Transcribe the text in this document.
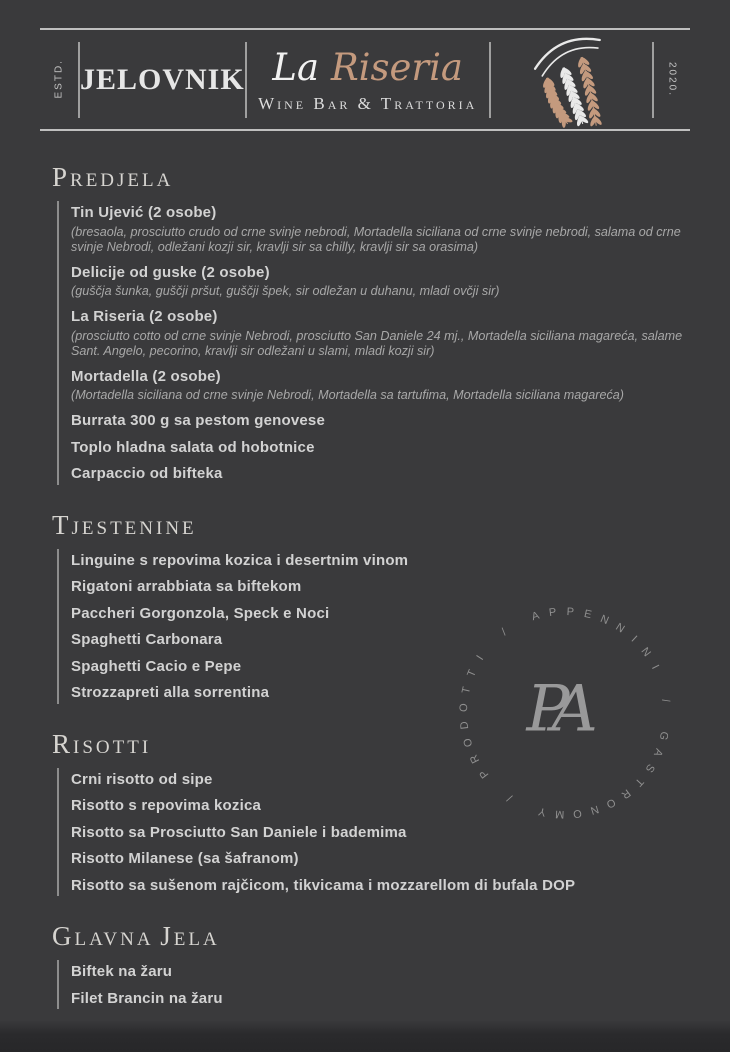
ESTD. JELOVNIK La Riseria
Wine Bar & Trattoria
2020.
PREDJELA
Tin Ujević (2 osobe)
(bresaola, prosciutto crudo od crne svinje nebrodi, Mortadella siciliana od crne svinje nebrodi, salama od crne svinje Nebrodi, odležani kozji sir, kravlji sir sa chilly, kravlji sir sa orasima)
Delicije od guske (2 osobe)
(guščja šunka, guščji pršut, guščji špek, sir odležan u duhanu, mladi ovčji sir)
La Riseria (2 osobe)
(prosciutto cotto od crne svinje Nebrodi, prosciutto San Daniele 24 mj., Mortadella siciliana magareća, salame Sant. Angelo, pecorino, kravlji sir odležani u slami, mladi kozji sir)
Mortadella (2 osobe)
(Mortadella siciliana od crne svinje Nebrodi, Mortadella sa tartufima, Mortadella siciliana magareća)
Burrata 300 g sa pestom genovese
Toplo hladna salata od hobotnice
Carpaccio od bifteka
TJESTENINE
Linguine s repovima kozica i desertnim vinom
Rigatoni arrabbiata sa biftekom
Paccheri Gorgonzola, Speck e Noci
Spaghetti Carbonara
Spaghetti Cacio e Pepe
Strozzapreti alla sorrentina
RISOTTI
Crni risotto od sipe
Risotto s repovima kozica
Risotto sa Prosciutto San Daniele i bademima
Risotto Milanese (sa šafranom)
Risotto sa sušenom rajčicom, tikvicama i mozzarellom di bufala DOP
GLAVNA JELA
Biftek na žaru
Filet Brancin na žaru
P
R
O
D
O
T
T
I
/
A P P E N
N
I
N
I
/
G
A
S
T
R
O
N
O
M
Y
/
PA
